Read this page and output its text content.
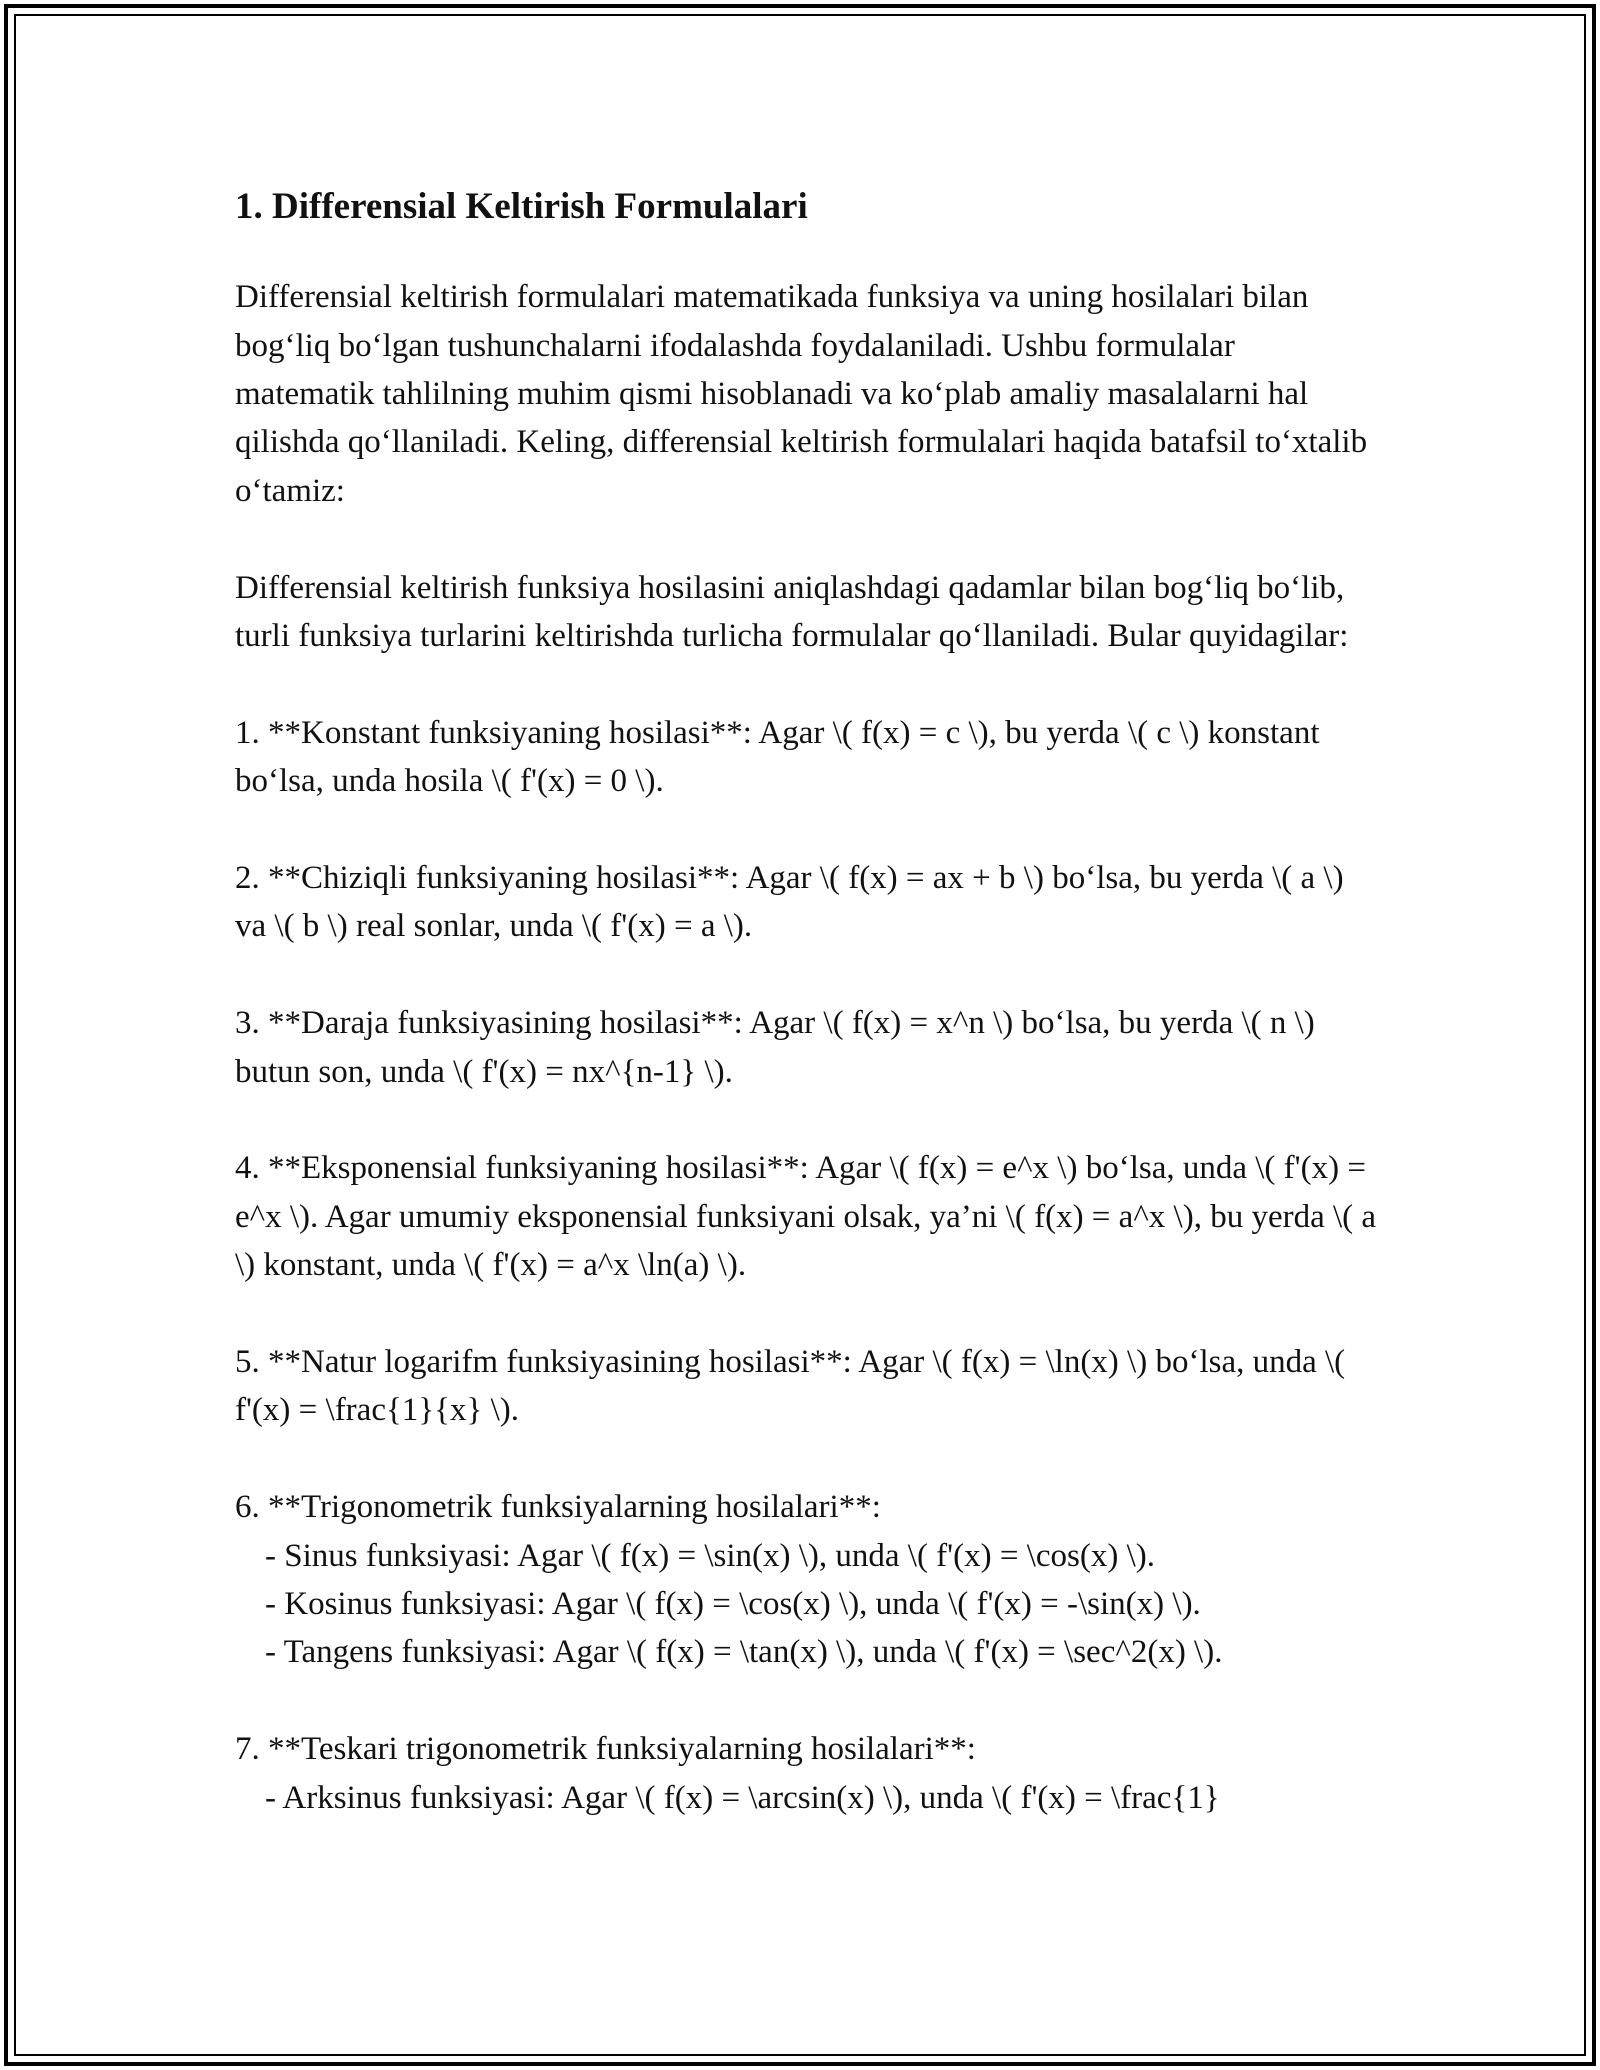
1. Differensial Keltirish Formulalari

Differensial keltirish formulalari matematikada funksiya va uning hosilalari bilan bog‘liq bo‘lgan tushunchalarni ifodalashda foydalaniladi. Ushbu formulalar matematik tahlilning muhim qismi hisoblanadi va ko‘plab amaliy masalalarni hal qilishda qo‘llaniladi. Keling, differensial keltirish formulalari haqida batafsil to‘xtalib o‘tamiz:

Differensial keltirish funksiya hosilasini aniqlashdagi qadamlar bilan bog‘liq bo‘lib, turli funksiya turlarini keltirishda turlicha formulalar qo‘llaniladi. Bular quyidagilar:

1. **Konstant funksiyaning hosilasi**: Agar \( f(x) = c \), bu yerda \( c \) konstant bo‘lsa, unda hosila \( f'(x) = 0 \).

2. **Chiziqli funksiyaning hosilasi**: Agar \( f(x) = ax + b \) bo‘lsa, bu yerda \( a \) va \( b \) real sonlar, unda \( f'(x) = a \).

3. **Daraja funksiyasining hosilasi**: Agar \( f(x) = x^n \) bo‘lsa, bu yerda \( n \) butun son, unda \( f'(x) = nx^{n-1} \).

4. **Eksponensial funksiyaning hosilasi**: Agar \( f(x) = e^x \) bo‘lsa, unda \( f'(x) = e^x \). Agar umumiy eksponensial funksiyani olsak, ya’ni \( f(x) = a^x \), bu yerda \( a \) konstant, unda \( f'(x) = a^x \ln(a) \).

5. **Natur logarifm funksiyasining hosilasi**: Agar \( f(x) = \ln(x) \) bo‘lsa, unda \( f'(x) = \frac{1}{x} \).

6. **Trigonometrik funksiyalarning hosilalari**:

- Sinus funksiyasi: Agar \( f(x) = \sin(x) \), unda \( f'(x) = \cos(x) \).

- Kosinus funksiyasi: Agar \( f(x) = \cos(x) \), unda \( f'(x) = -\sin(x) \).

- Tangens funksiyasi: Agar \( f(x) = \tan(x) \), unda \( f'(x) = \sec^2(x) \).

7. **Teskari trigonometrik funksiyalarning hosilalari**:

- Arksinus funksiyasi: Agar \( f(x) = \arcsin(x) \), unda \( f'(x) = \frac{1}
